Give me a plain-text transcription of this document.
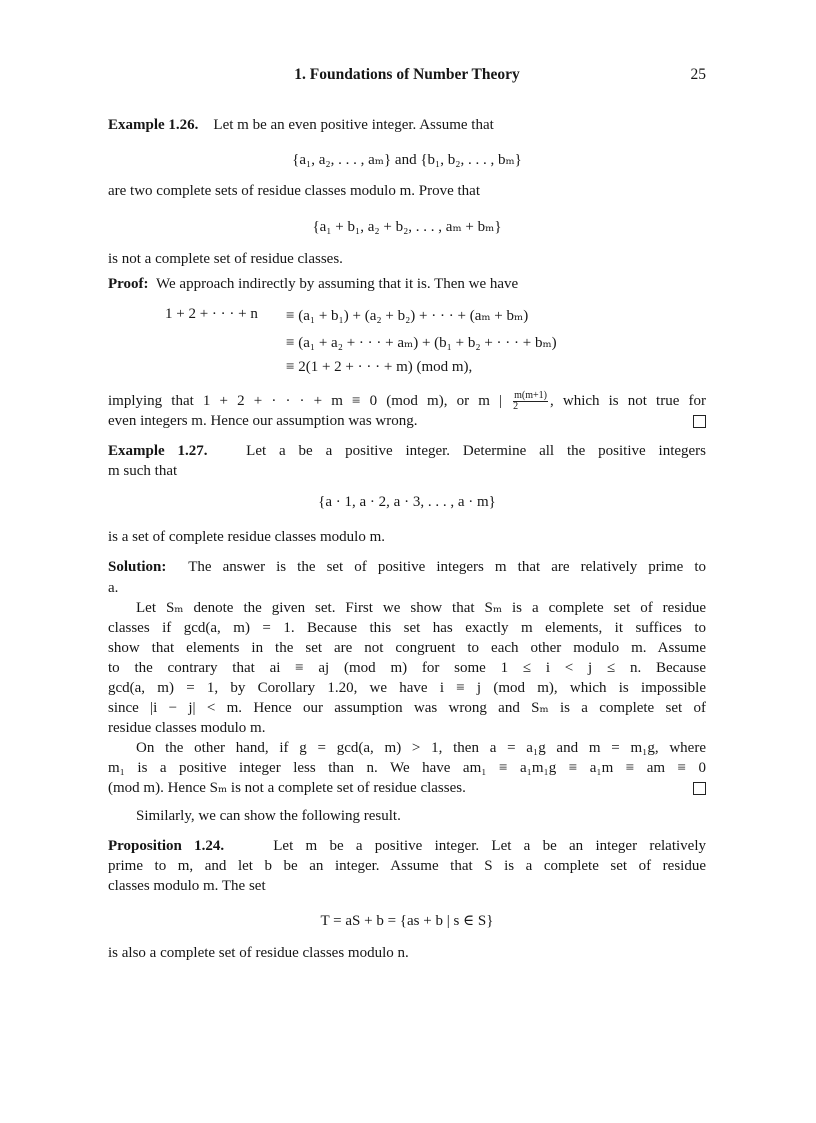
1. Foundations of Number Theory	25
Example 1.26. Let m be an even positive integer. Assume that
{a₁, a₂, . . . , aₘ} and {b₁, b₂, . . . , bₘ}
are two complete sets of residue classes modulo m. Prove that
{a₁ + b₁, a₂ + b₂, . . . , aₘ + bₘ}
is not a complete set of residue classes.
Proof: We approach indirectly by assuming that it is. Then we have
1 + 2 + · · · + n ≡ (a₁ + b₁) + (a₂ + b₂) + · · · + (aₘ + bₘ)
≡ (a₁ + a₂ + · · · + aₘ) + (b₁ + b₂ + · · · + bₘ)
≡ 2(1 + 2 + · · · + m) (mod m),
implying that 1 + 2 + · · · + m ≡ 0 (mod m), or m | $\frac{m(m+1)}{2}$ , which is not true for
even integers m. Hence our assumption was wrong.
Example 1.27.	Let a be a positive integer. Determine all the positive integers
m such that
{a · 1, a · 2, a · 3, . . . , a · m}
is a set of complete residue classes modulo m.
Solution: The answer is the set of positive integers m that are relatively prime to
a.
Let Sₘ denote the given set. First we show that Sₘ is a complete set of residue
classes if gcd(a, m) = 1. Because this set has exactly m elements, it suffices to
show that elements in the set are not congruent to each other modulo m. Assume
to the contrary that ai ≡ aj (mod m) for some 1 ≤ i < j ≤ n. Because
gcd(a, m) = 1, by Corollary 1.20, we have i ≡ j (mod m), which is impossible
since |i − j| < m. Hence our assumption was wrong and Sₘ is a complete set of
residue classes modulo m.
On the other hand, if g = gcd(a, m) > 1, then a = a₁g and m = m₁g, where
m₁ is a positive integer less than n. We have am₁ ≡ a₁m₁g ≡ a₁m ≡ am ≡ 0
(mod m). Hence Sₘ is not a complete set of residue classes.
Similarly, we can show the following result.
Proposition 1.24.	Let m be a positive integer. Let a be an integer relatively
prime to m, and let b be an integer. Assume that S is a complete set of residue
classes modulo m. The set
T = aS + b = {as + b | s ∈ S}
is also a complete set of residue classes modulo n.
